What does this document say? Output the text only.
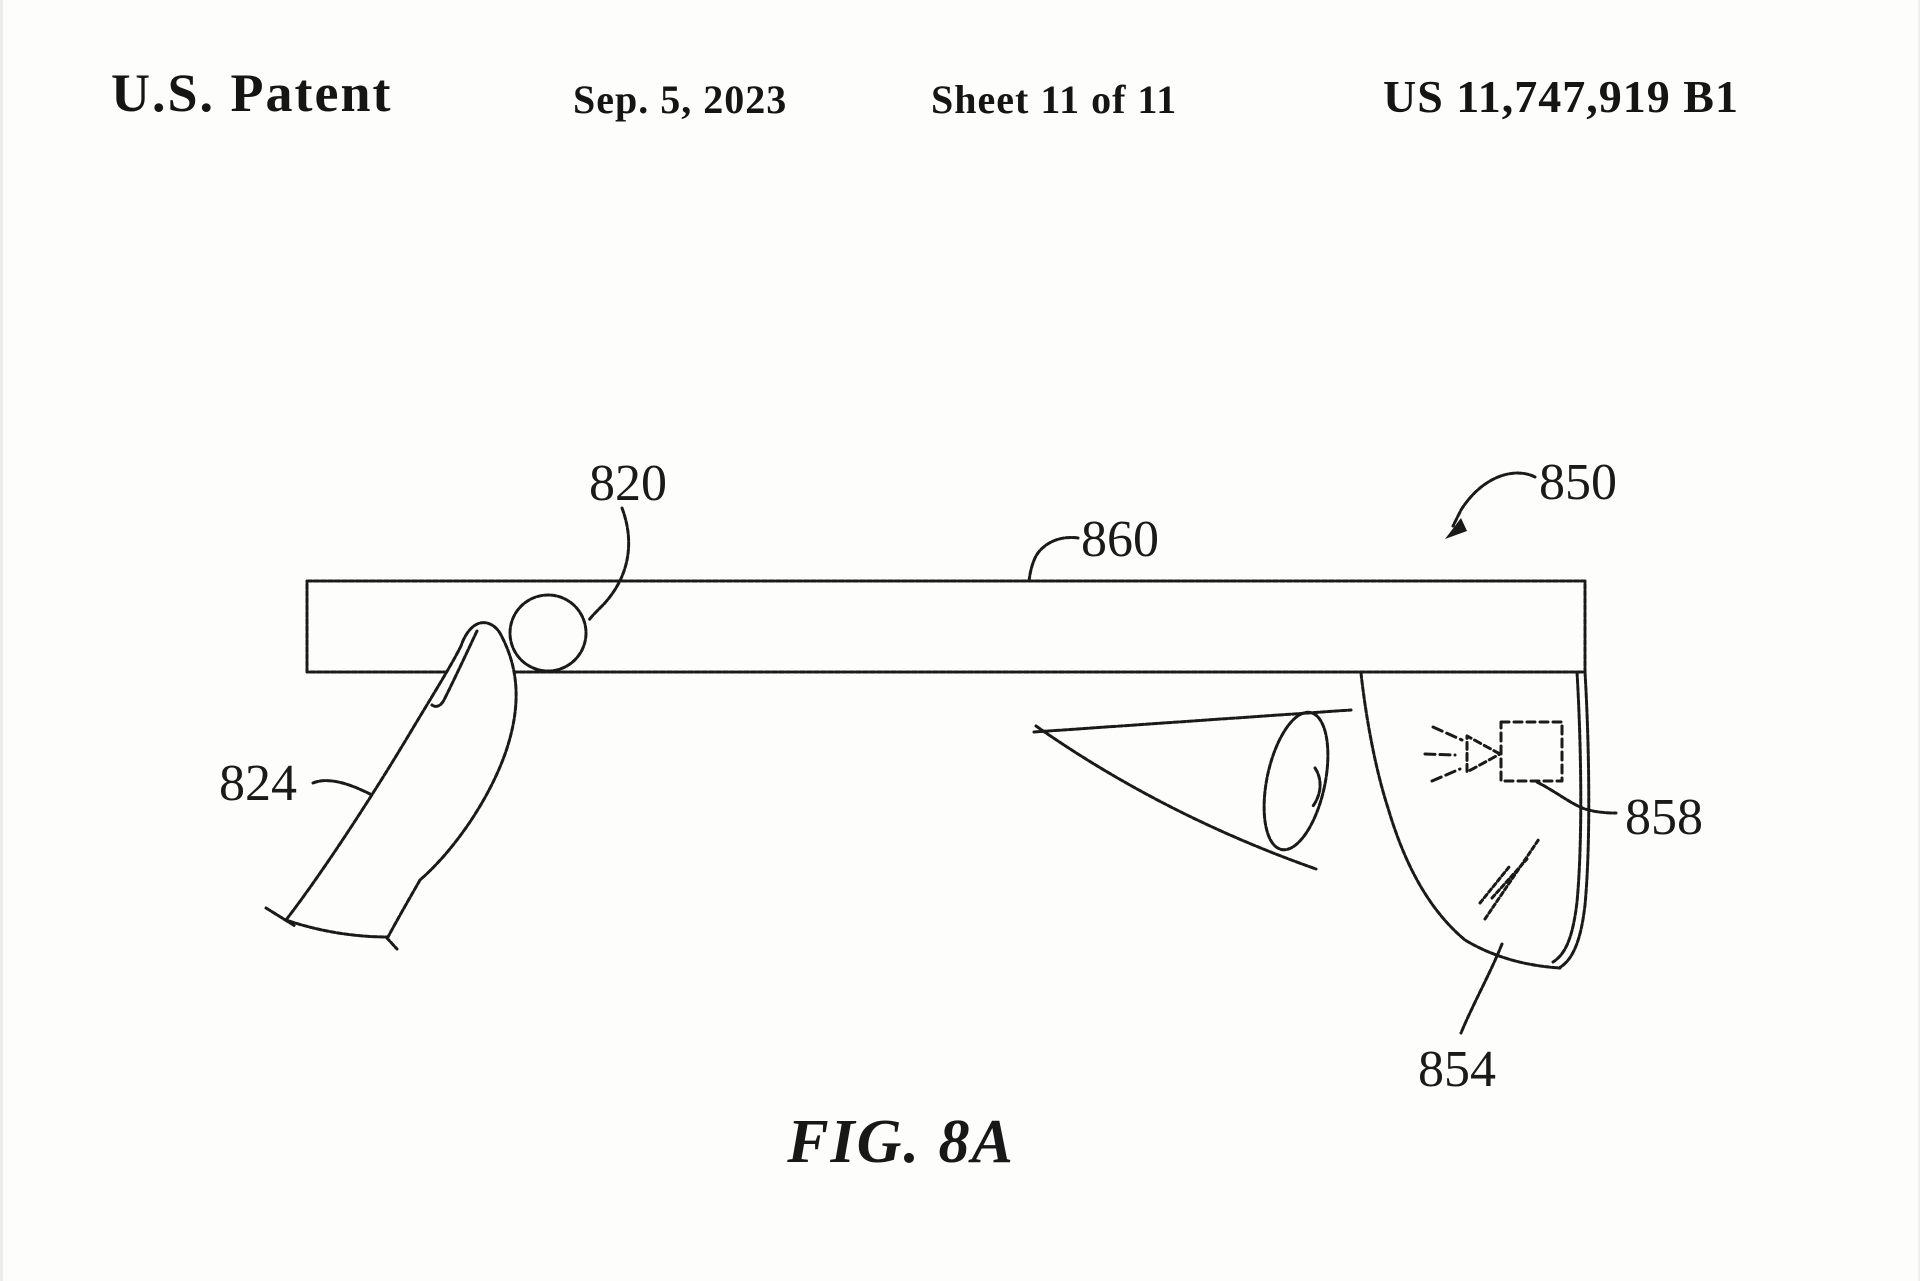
U.S. Patent	Sep. 5, 2023	Sheet 11 of 11	US 11,747,919 B1
820
824
850
854
858
860
FIG. 8A
